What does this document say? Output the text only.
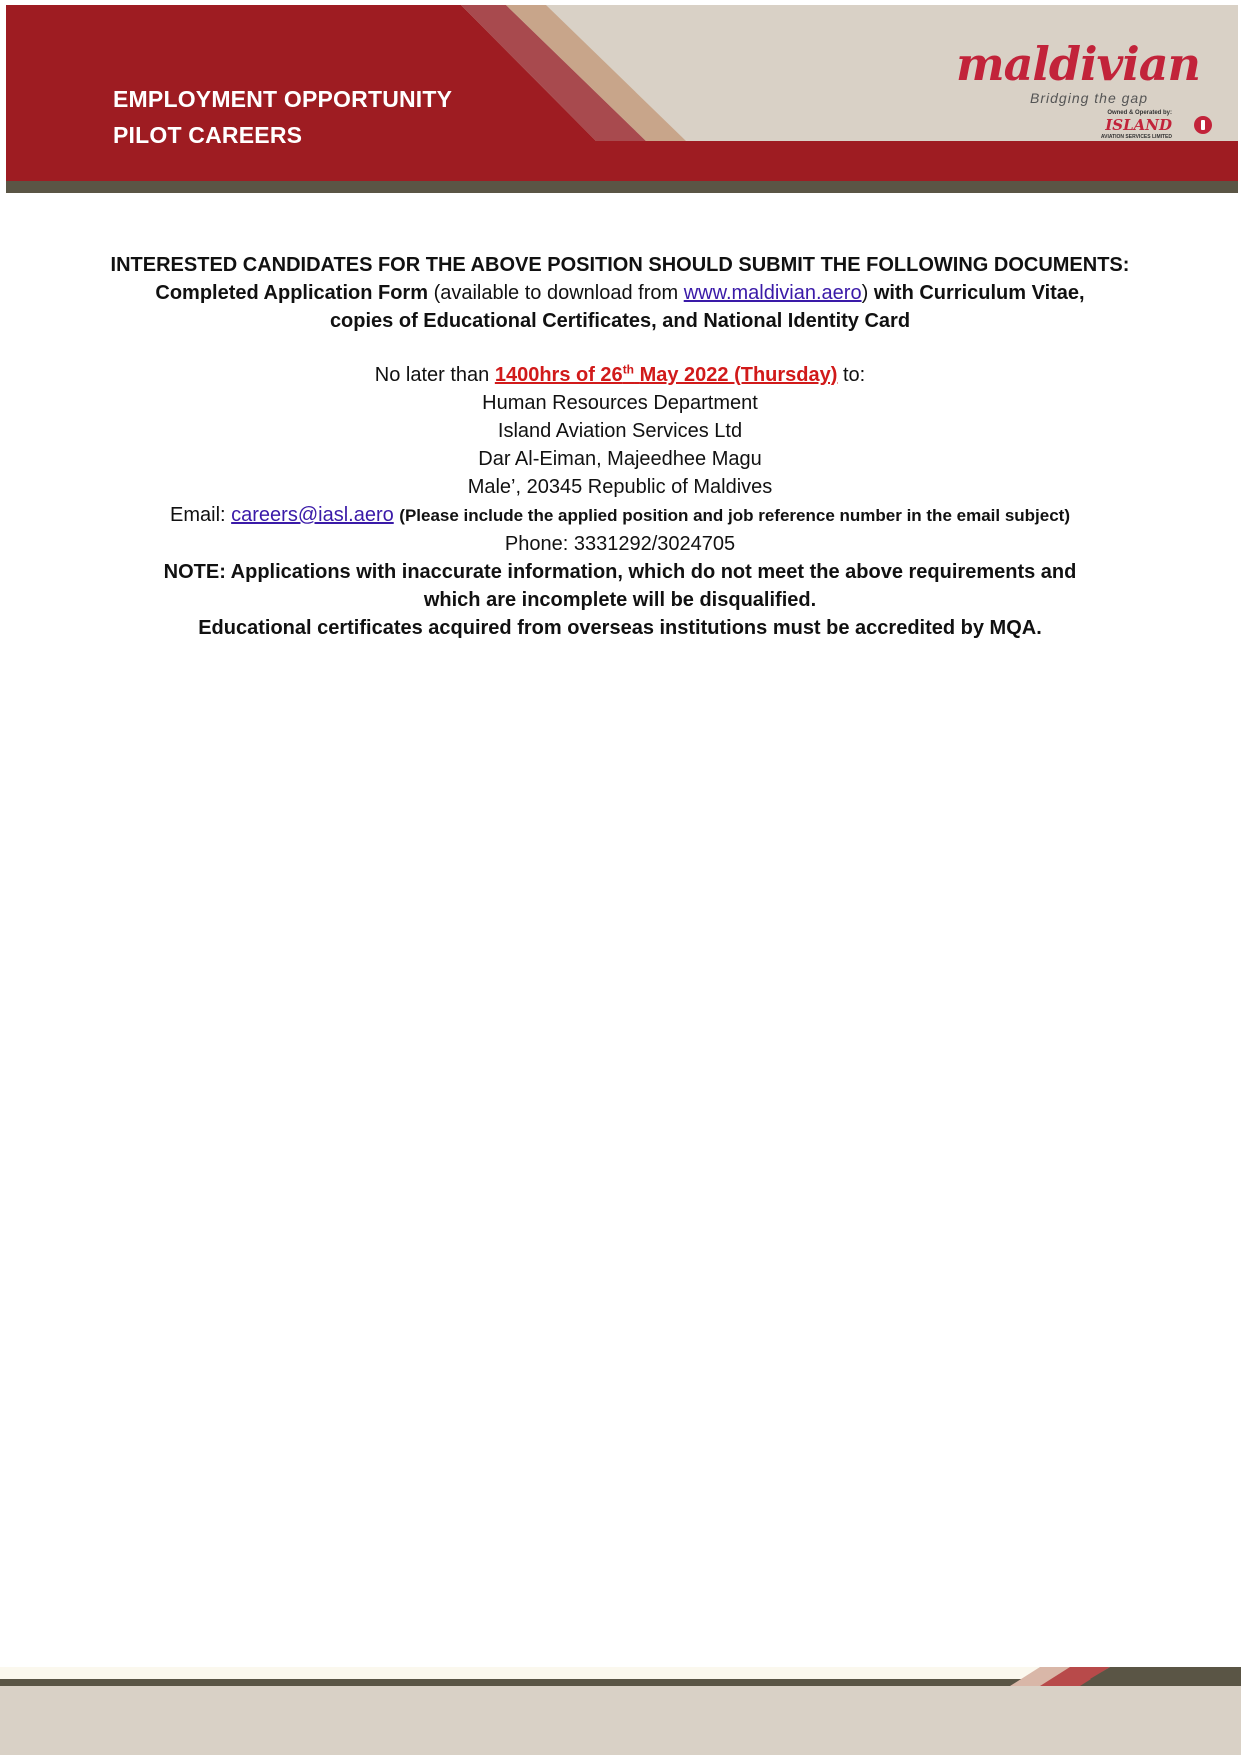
EMPLOYMENT OPPORTUNITY
PILOT CAREERS
maldivian
Bridging the gap
Owned & Operated by:
ISLAND
AVIATION SERVICES LIMITED

INTERESTED CANDIDATES FOR THE ABOVE POSITION SHOULD SUBMIT THE FOLLOWING DOCUMENTS:

Completed Application Form (available to download from www.maldivian.aero) with Curriculum Vitae,

copies of Educational Certificates, and National Identity Card

No later than 1400hrs of 26th May 2022 (Thursday) to:

Human Resources Department

Island Aviation Services Ltd

Dar Al-Eiman, Majeedhee Magu

Male’, 20345 Republic of Maldives

Email: careers@iasl.aero (Please include the applied position and job reference number in the email subject)

Phone: 3331292/3024705

NOTE: Applications with inaccurate information, which do not meet the above requirements and

which are incomplete will be disqualified.

Educational certificates acquired from overseas institutions must be accredited by MQA.
